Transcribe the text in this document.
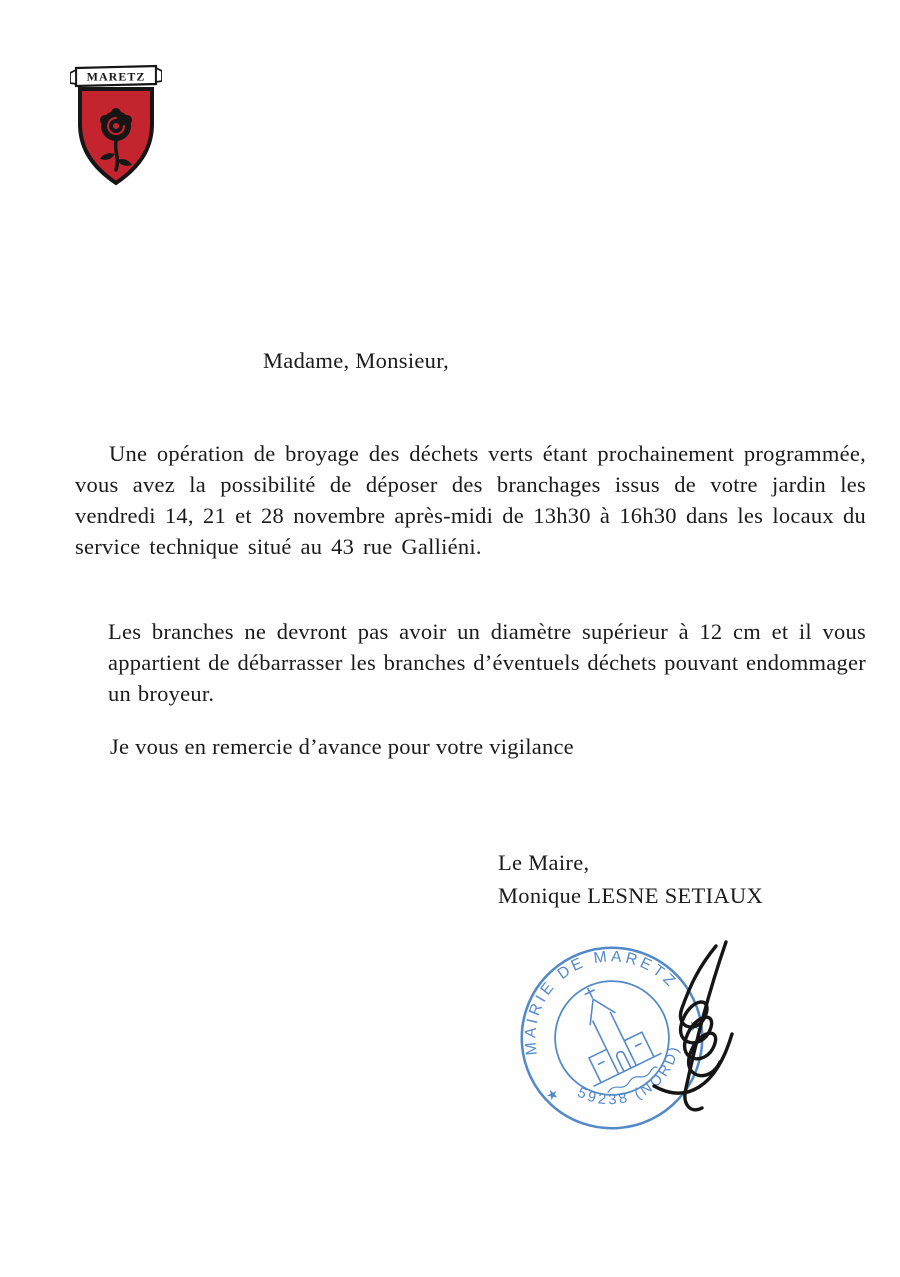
MARETZ

Madame, Monsieur,

Une opération de broyage des déchets verts étant prochainement programmée, vous avez la possibilité de déposer des branchages issus de votre jardin les vendredi 14, 21 et 28 novembre après-midi de 13h30 à 16h30 dans les locaux du service technique situé au 43 rue Galliéni.

Les branches ne devront pas avoir un diamètre supérieur à 12 cm et il vous appartient de débarrasser les branches d’éventuels déchets pouvant endommager un broyeur.

Je vous en remercie d’avance pour votre vigilance

Le Maire,
Monique LESNE SETIAUX
MAIRIE DE MARETZ
59238 (NORD)
★
★
